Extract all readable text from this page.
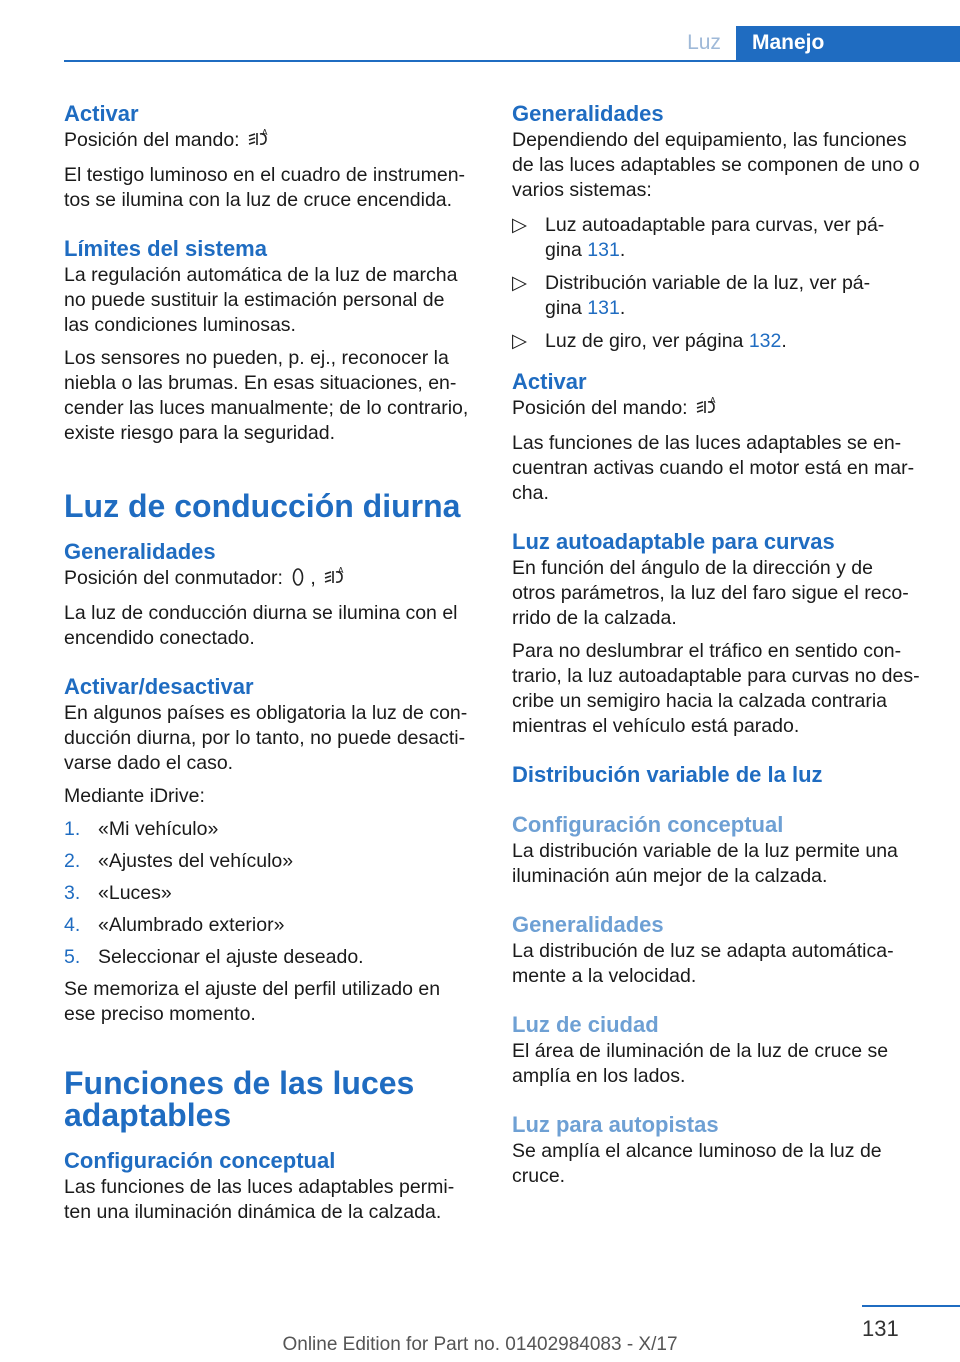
Luz	Manejo
Activar

Posición del mando:	A

El testigo luminoso en el cuadro de instrumen‐
tos se ilumina con la luz de cruce encendida.

Límites del sistema

La regulación automática de la luz de marcha
no puede sustituir la estimación personal de
las condiciones luminosas.

Los sensores no pueden, p. ej., reconocer la
niebla o las brumas. En esas situaciones, en‐
cender las luces manualmente; de lo contrario,
existe riesgo para la seguridad.

Luz de conducción diurna
Generalidades

Posición del conmutador: ,	A

La luz de conducción diurna se ilumina con el
encendido conectado.

Activar/desactivar

En algunos países es obligatoria la luz de con‐
ducción diurna, por lo tanto, no puede desacti‐
varse dado el caso.

Mediante iDrive:

1. «Mi vehículo»
2. «Ajustes del vehículo»
3. «Luces»
4. «Alumbrado exterior»
5. Seleccionar el ajuste deseado.

Se memoriza el ajuste del perfil utilizado en
ese preciso momento.

Funciones de las luces
adaptables
Configuración conceptual

Las funciones de las luces adaptables permi‐
ten una iluminación dinámica de la calzada.

Generalidades

Dependiendo del equipamiento, las funciones
de las luces adaptables se componen de uno o
varios sistemas:

▷ Luz autoadaptable para curvas, ver pá‐
gina 131.
▷ Distribución variable de la luz, ver pá‐
gina 131.
▷ Luz de giro, ver página 132.
Activar

Posición del mando:	A

Las funciones de las luces adaptables se en‐
cuentran activas cuando el motor está en mar‐
cha.

Luz autoadaptable para curvas

En función del ángulo de la dirección y de
otros parámetros, la luz del faro sigue el reco‐
rrido de la calzada.

Para no deslumbrar el tráfico en sentido con‐
trario, la luz autoadaptable para curvas no des‐
cribe un semigiro hacia la calzada contraria
mientras el vehículo está parado.

Distribución variable de la luz
Configuración conceptual

La distribución variable de la luz permite una
iluminación aún mejor de la calzada.

Generalidades

La distribución de luz se adapta automática‐
mente a la velocidad.

Luz de ciudad

El área de iluminación de la luz de cruce se
amplía en los lados.

Luz para autopistas

Se amplía el alcance luminoso de la luz de
cruce.

131
Online Edition for Part no. 01402984083 - X/17
